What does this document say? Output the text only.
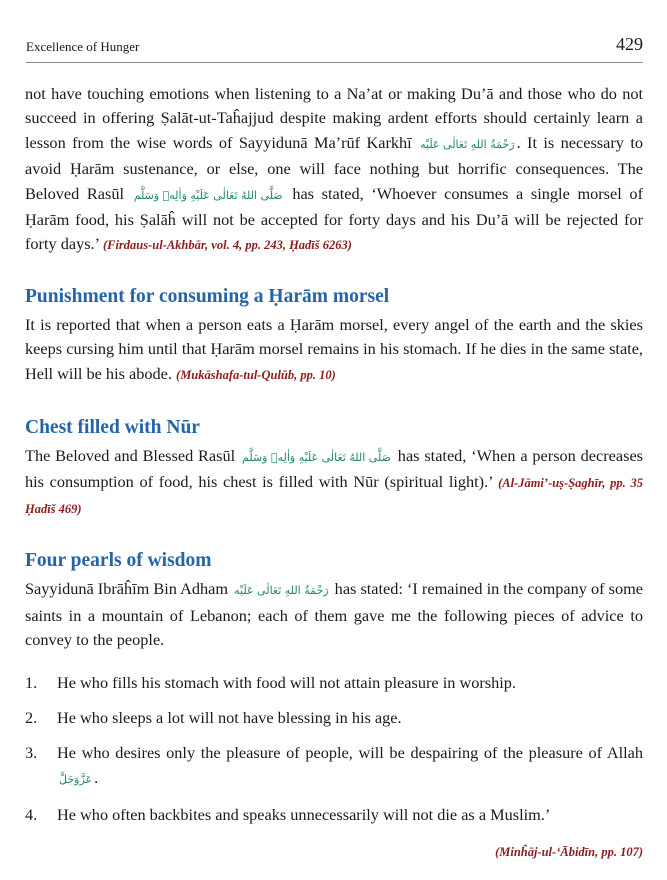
Excellence of Hunger	429

not have touching emotions when listening to a Na’at or making Du’ā and those who do not succeed in offering Ṣalāt-ut-Taĥajjud despite making ardent efforts should certainly learn a lesson from the wise words of Sayyidunā Ma’rūf Karkhī رَحْمَةُ اللهِ تَعَالٰى عَلَيْه . It is necessary to avoid Ḥarām sustenance, or else, one will face nothing but horrific consequences. The Beloved Rasūl صَلَّى اللهُ تَعَالٰى عَلَيْهِ وَاٰلِهٖ وَسَلَّم has stated, ‘Whoever consumes a single morsel of Ḥarām food, his Ṣalāĥ will not be accepted for forty days and his Du’ā will be rejected for forty days.’ (Firdaus-ul-Akhbār, vol. 4, pp. 243, Ḥadīš 6263)

Punishment for consuming a Ḥarām morsel

It is reported that when a person eats a Ḥarām morsel, every angel of the earth and the skies keeps cursing him until that Ḥarām morsel remains in his stomach. If he dies in the same state, Hell will be his abode. (Mukāshafa-tul-Qulūb, pp. 10)

Chest filled with Nūr

The Beloved and Blessed Rasūl صَلَّى اللهُ تَعَالٰى عَلَيْهِ وَاٰلِهٖ وَسَلَّم has stated, ‘When a person decreases his consumption of food, his chest is filled with Nūr (spiritual light).’ (Al-Jāmi’-uṣ-Ṣaghīr, pp. 35 Ḥadīš 469)

Four pearls of wisdom

Sayyidunā Ibrāĥīm Bin Adham رَحْمَةُ اللهِ تَعَالٰى عَلَيْه has stated: ‘I remained in the company of some saints in a mountain of Lebanon; each of them gave me the following pieces of advice to convey to the people.

1. He who fills his stomach with food will not attain pleasure in worship.
2. He who sleeps a lot will not have blessing in his age.
3. He who desires only the pleasure of people, will be despairing of the pleasure of Allah عَزَّوَجَلَّ .
4. He who often backbites and speaks unnecessarily will not die as a Muslim.’

(Minĥāj-ul-‘Ābidīn, pp. 107)
